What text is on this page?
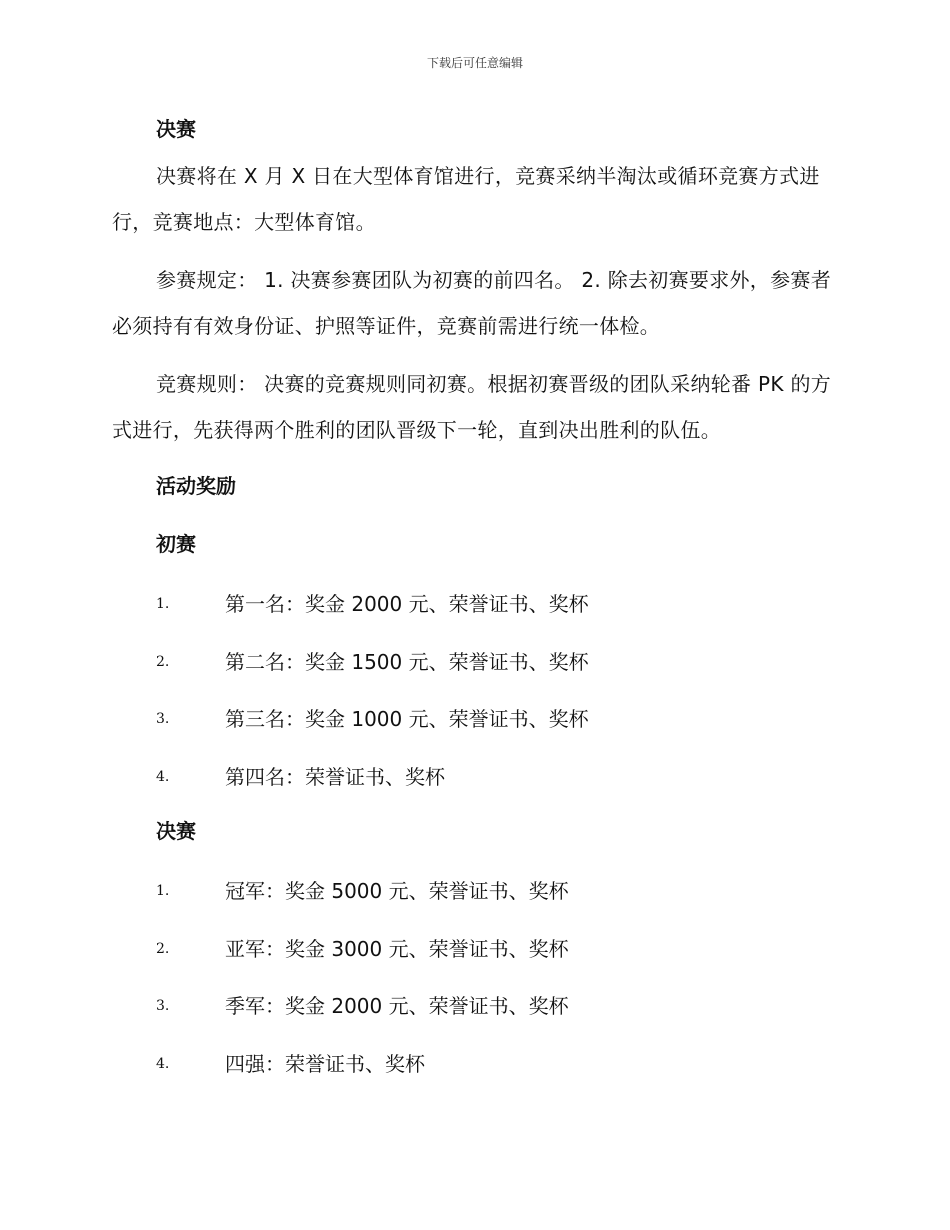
下载后可任意编辑
决赛

决赛将在 X 月 X 日在大型体育馆进行，竞赛采纳半淘汰或循环竞赛方式进行，竞赛地点：大型体育馆。

参赛规定： 1. 决赛参赛团队为初赛的前四名。 2. 除去初赛要求外，参赛者必须持有有效身份证、护照等证件，竞赛前需进行统一体检。

竞赛规则： 决赛的竞赛规则同初赛。根据初赛晋级的团队采纳轮番 PK 的方式进行，先获得两个胜利的团队晋级下一轮，直到决出胜利的队伍。

活动奖励
初赛
1.	第一名：奖金 2000 元、荣誉证书、奖杯
2.	第二名：奖金 1500 元、荣誉证书、奖杯
3.	第三名：奖金 1000 元、荣誉证书、奖杯
4.	第四名：荣誉证书、奖杯
决赛
1.	冠军：奖金 5000 元、荣誉证书、奖杯
2.	亚军：奖金 3000 元、荣誉证书、奖杯
3.	季军：奖金 2000 元、荣誉证书、奖杯
4.	四强：荣誉证书、奖杯
